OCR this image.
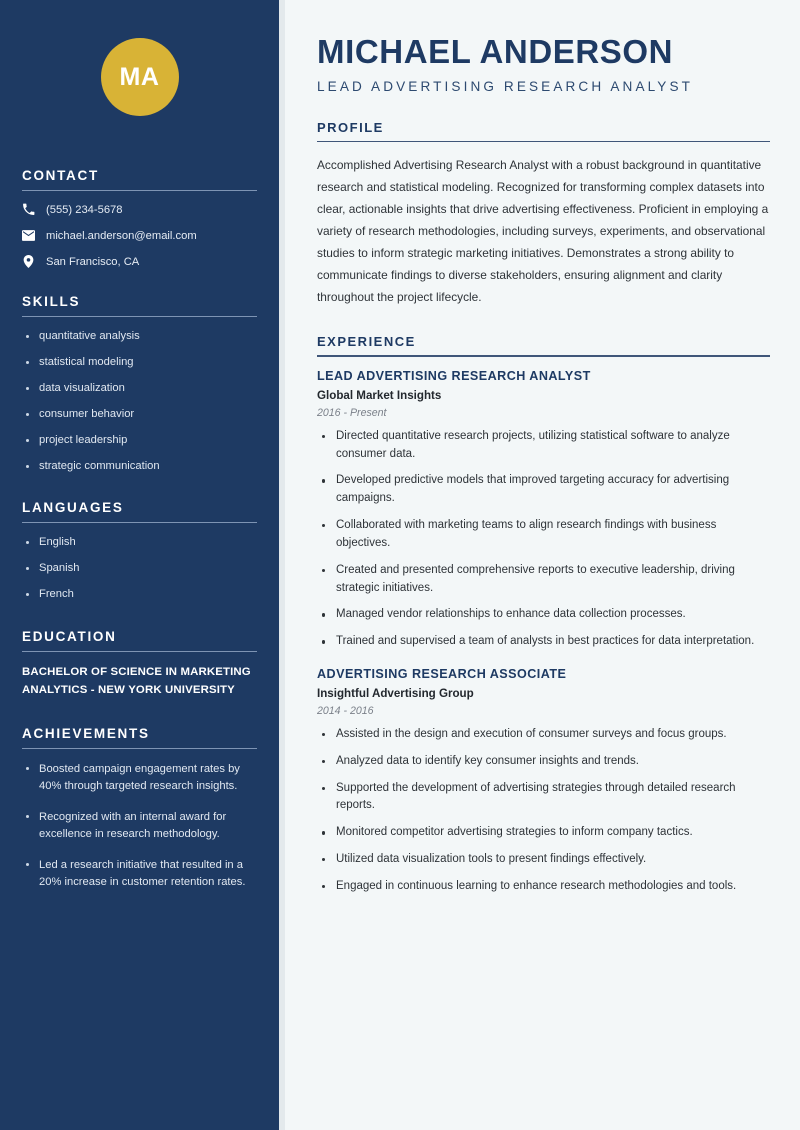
MA
CONTACT
(555) 234-5678
michael.anderson@email.com
San Francisco, CA
SKILLS
quantitative analysis
statistical modeling
data visualization
consumer behavior
project leadership
strategic communication
LANGUAGES
English
Spanish
French
EDUCATION
BACHELOR OF SCIENCE IN MARKETING ANALYTICS - NEW YORK UNIVERSITY
ACHIEVEMENTS
Boosted campaign engagement rates by 40% through targeted research insights.
Recognized with an internal award for excellence in research methodology.
Led a research initiative that resulted in a 20% increase in customer retention rates.
MICHAEL ANDERSON
LEAD ADVERTISING RESEARCH ANALYST
PROFILE

Accomplished Advertising Research Analyst with a robust background in quantitative research and statistical modeling. Recognized for transforming complex datasets into clear, actionable insights that drive advertising effectiveness. Proficient in employing a variety of research methodologies, including surveys, experiments, and observational studies to inform strategic marketing initiatives. Demonstrates a strong ability to communicate findings to diverse stakeholders, ensuring alignment and clarity throughout the project lifecycle.

EXPERIENCE
LEAD ADVERTISING RESEARCH ANALYST
Global Market Insights
2016 - Present
Directed quantitative research projects, utilizing statistical software to analyze consumer data.
Developed predictive models that improved targeting accuracy for advertising campaigns.
Collaborated with marketing teams to align research findings with business objectives.
Created and presented comprehensive reports to executive leadership, driving strategic initiatives.
Managed vendor relationships to enhance data collection processes.
Trained and supervised a team of analysts in best practices for data interpretation.
ADVERTISING RESEARCH ASSOCIATE
Insightful Advertising Group
2014 - 2016
Assisted in the design and execution of consumer surveys and focus groups.
Analyzed data to identify key consumer insights and trends.
Supported the development of advertising strategies through detailed research reports.
Monitored competitor advertising strategies to inform company tactics.
Utilized data visualization tools to present findings effectively.
Engaged in continuous learning to enhance research methodologies and tools.
